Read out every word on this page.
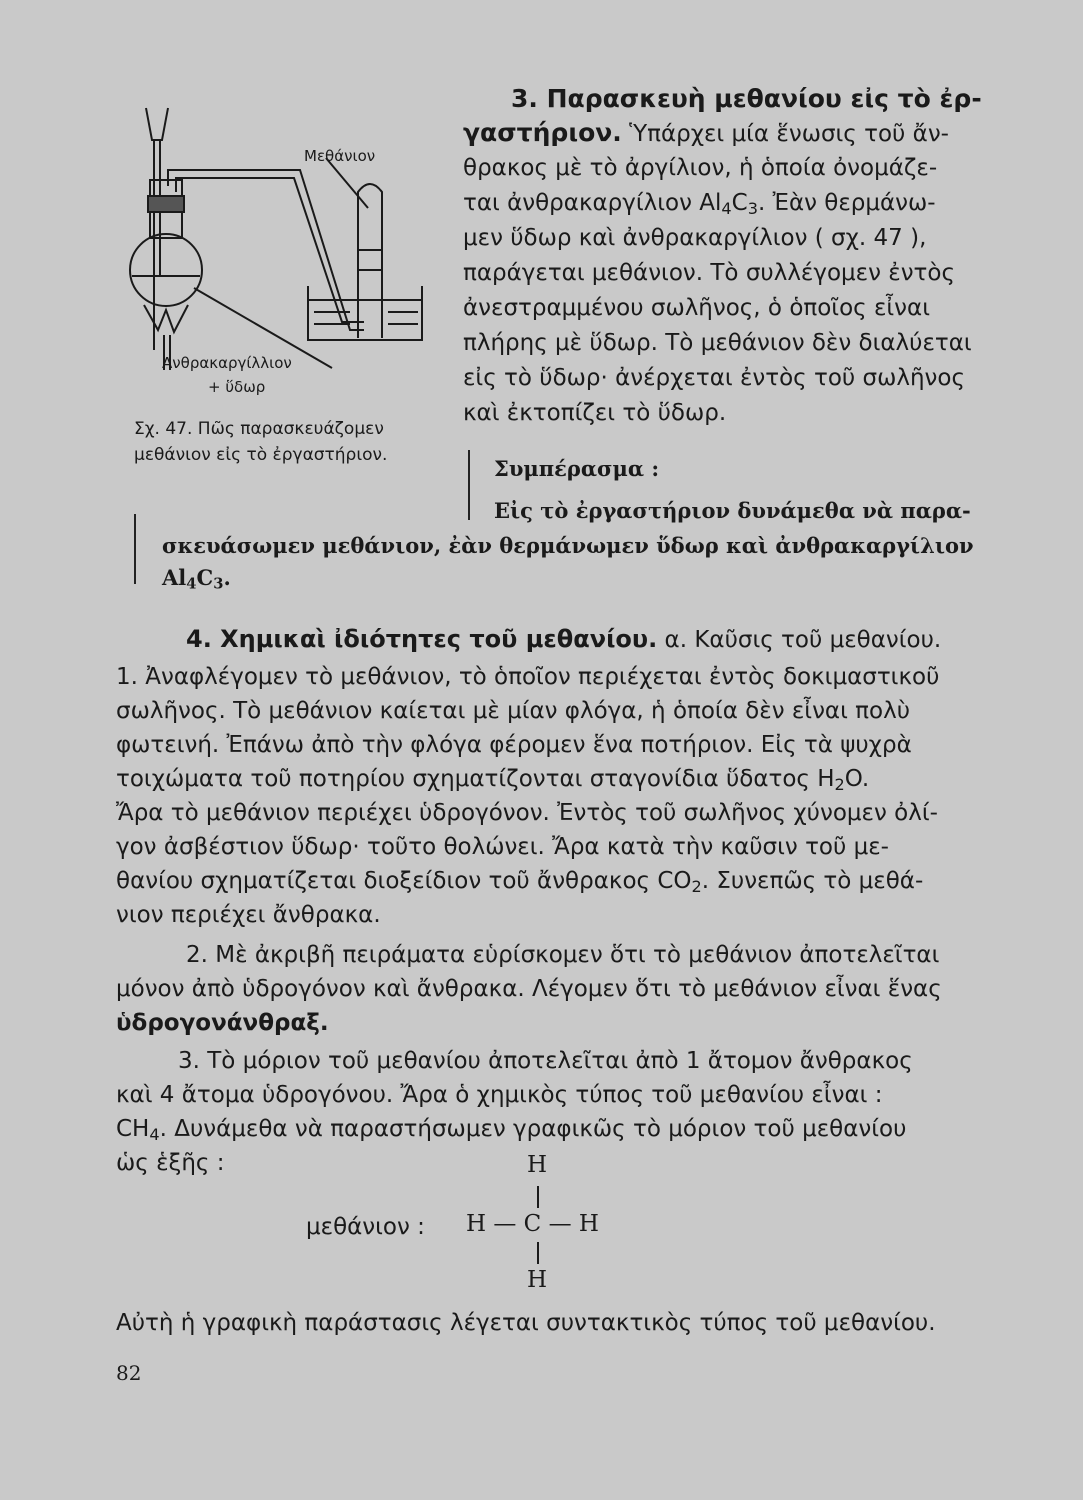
Μεθάνιον
Ἀνθρακαργίλλιον
+ ὕδωρ
Σχ. 47. Πῶς παρασκευάζομεν
μεθάνιον εἰς τὸ ἐργαστήριον.
3. Παρασκευὴ μεθανίου εἰς τὸ ἐρ-
γαστήριον. Ὑπάρχει μία ἕνωσις τοῦ ἄν-
θρακος μὲ τὸ ἀργίλιον, ἡ ὁποία ὀνομάζε-
ται ἀνθρακαργίλιον $Al_4C_3$. Ἐὰν θερμάνω-
μεν ὕδωρ καὶ ἀνθρακαργίλιον ( σχ. 47 ),
παράγεται μεθάνιον. Τὸ συλλέγομεν ἐντὸς
ἀνεστραμμένου σωλῆνος, ὁ ὁποῖος εἶναι
πλήρης μὲ ὕδωρ. Τὸ μεθάνιον δὲν διαλύεται
εἰς τὸ ὕδωρ· ἀνέρχεται ἐντὸς τοῦ σωλῆνος
καὶ ἐκτοπίζει τὸ ὕδωρ.
Συμπέρασμα :
Εἰς τὸ ἐργαστήριον δυνάμεθα νὰ παρα-
σκευάσωμεν μεθάνιον, ἐὰν θερμάνωμεν ὕδωρ καὶ ἀνθρακαργίλιον
$Al_4C_3$.
4. Χημικαὶ ἰδιότητες τοῦ μεθανίου. α. Καῦσις τοῦ μεθανίου.
1. Ἀναφλέγομεν τὸ μεθάνιον, τὸ ὁποῖον περιέχεται ἐντὸς δοκιμαστικοῦ
σωλῆνος. Τὸ μεθάνιον καίεται μὲ μίαν φλόγα, ἡ ὁποία δὲν εἶναι πολὺ
φωτεινή. Ἐπάνω ἀπὸ τὴν φλόγα φέρομεν ἕνα ποτήριον. Εἰς τὰ ψυχρὰ
τοιχώματα τοῦ ποτηρίου σχηματίζονται σταγονίδια ὕδατος $H_2O$.
Ἄρα τὸ μεθάνιον περιέχει ὑδρογόνον. Ἐντὸς τοῦ σωλῆνος χύνομεν ὀλί-
γον ἀσβέστιον ὕδωρ· τοῦτο θολώνει. Ἄρα κατὰ τὴν καῦσιν τοῦ με-
θανίου σχηματίζεται διοξείδιον τοῦ ἄνθρακος $CO_2$. Συνεπῶς τὸ μεθά-
νιον περιέχει ἄνθρακα.
2. Μὲ ἀκριβῆ πειράματα εὑρίσκομεν ὅτι τὸ μεθάνιον ἀποτελεῖται
μόνον ἀπὸ ὑδρογόνον καὶ ἄνθρακα. Λέγομεν ὅτι τὸ μεθάνιον εἶναι ἕνας
ὑδρογονάνθραξ.
3. Τὸ μόριον τοῦ μεθανίου ἀποτελεῖται ἀπὸ 1 ἄτομον ἄνθρακος
καὶ 4 ἄτομα ὑδρογόνου. Ἄρα ὁ χημικὸς τύπος τοῦ μεθανίου εἶναι :
$CH_4$. Δυνάμεθα νὰ παραστήσωμεν γραφικῶς τὸ μόριον τοῦ μεθανίου
ὡς ἑξῆς :	H
μεθάνιον : H — C — H
H
Αὐτὴ ἡ γραφικὴ παράστασις λέγεται συντακτικὸς τύπος τοῦ μεθανίου.
82
